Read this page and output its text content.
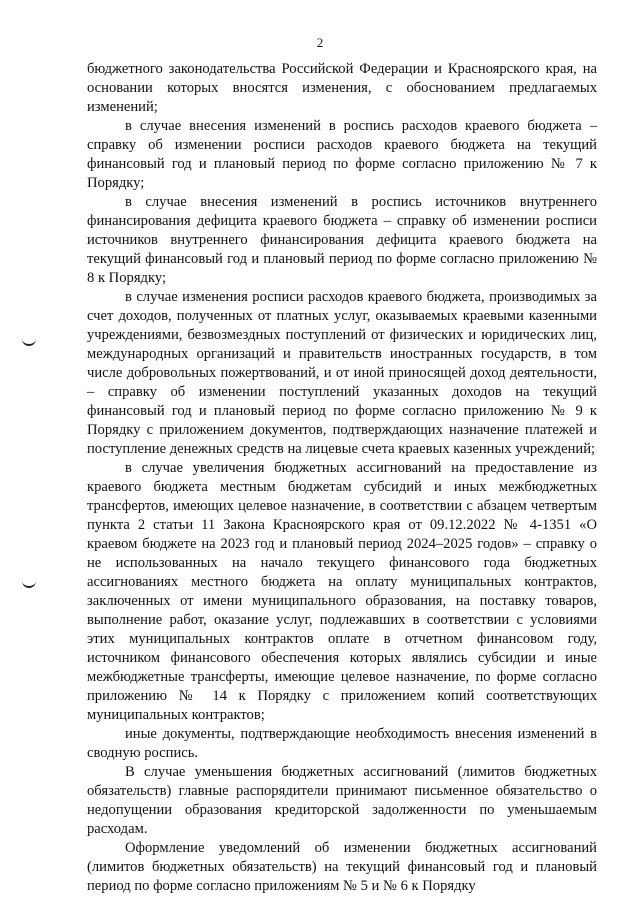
2

бюджетного законодательства Российской Федерации и Красноярского края, на основании которых вносятся изменения, с обоснованием предлагаемых изменений;

в случае внесения изменений в роспись расходов краевого бюджета – справку об изменении росписи расходов краевого бюджета на текущий финансовый год и плановый период по форме согласно приложению № 7 к Порядку;

в случае внесения изменений в роспись источников внутреннего финансирования дефицита краевого бюджета – справку об изменении росписи источников внутреннего финансирования дефицита краевого бюджета на текущий финансовый год и плановый период по форме согласно приложению № 8 к Порядку;

в случае изменения росписи расходов краевого бюджета, производимых за счет доходов, полученных от платных услуг, оказываемых краевыми казенными учреждениями, безвозмездных поступлений от физических и юридических лиц, международных организаций и правительств иностранных государств, в том числе добровольных пожертвований, и от иной приносящей доход деятельности, – справку об изменении поступлений указанных доходов на текущий финансовый год и плановый период по форме согласно приложению № 9 к Порядку с приложением документов, подтверждающих назначение платежей и поступление денежных средств на лицевые счета краевых казенных учреждений;

в случае увеличения бюджетных ассигнований на предоставление из краевого бюджета местным бюджетам субсидий и иных межбюджетных трансфертов, имеющих целевое назначение, в соответствии с абзацем четвертым пункта 2 статьи 11 Закона Красноярского края от 09.12.2022 № 4-1351 «О краевом бюджете на 2023 год и плановый период 2024–2025 годов» – справку о не использованных на начало текущего финансового года бюджетных ассигнованиях местного бюджета на оплату муниципальных контрактов, заключенных от имени муниципального образования, на поставку товаров, выполнение работ, оказание услуг, подлежавших в соответствии с условиями этих муниципальных контрактов оплате в отчетном финансовом году, источником финансового обеспечения которых являлись субсидии и иные межбюджетные трансферты, имеющие целевое назначение, по форме согласно приложению № 14 к Порядку с приложением копий соответствующих муниципальных контрактов;

иные документы, подтверждающие необходимость внесения изменений в сводную роспись.

В случае уменьшения бюджетных ассигнований (лимитов бюджетных обязательств) главные распорядители принимают письменное обязательство о недопущении образования кредиторской задолженности по уменьшаемым расходам.

Оформление уведомлений об изменении бюджетных ассигнований (лимитов бюджетных обязательств) на текущий финансовый год и плановый период по форме согласно приложениям № 5 и № 6 к Порядку
